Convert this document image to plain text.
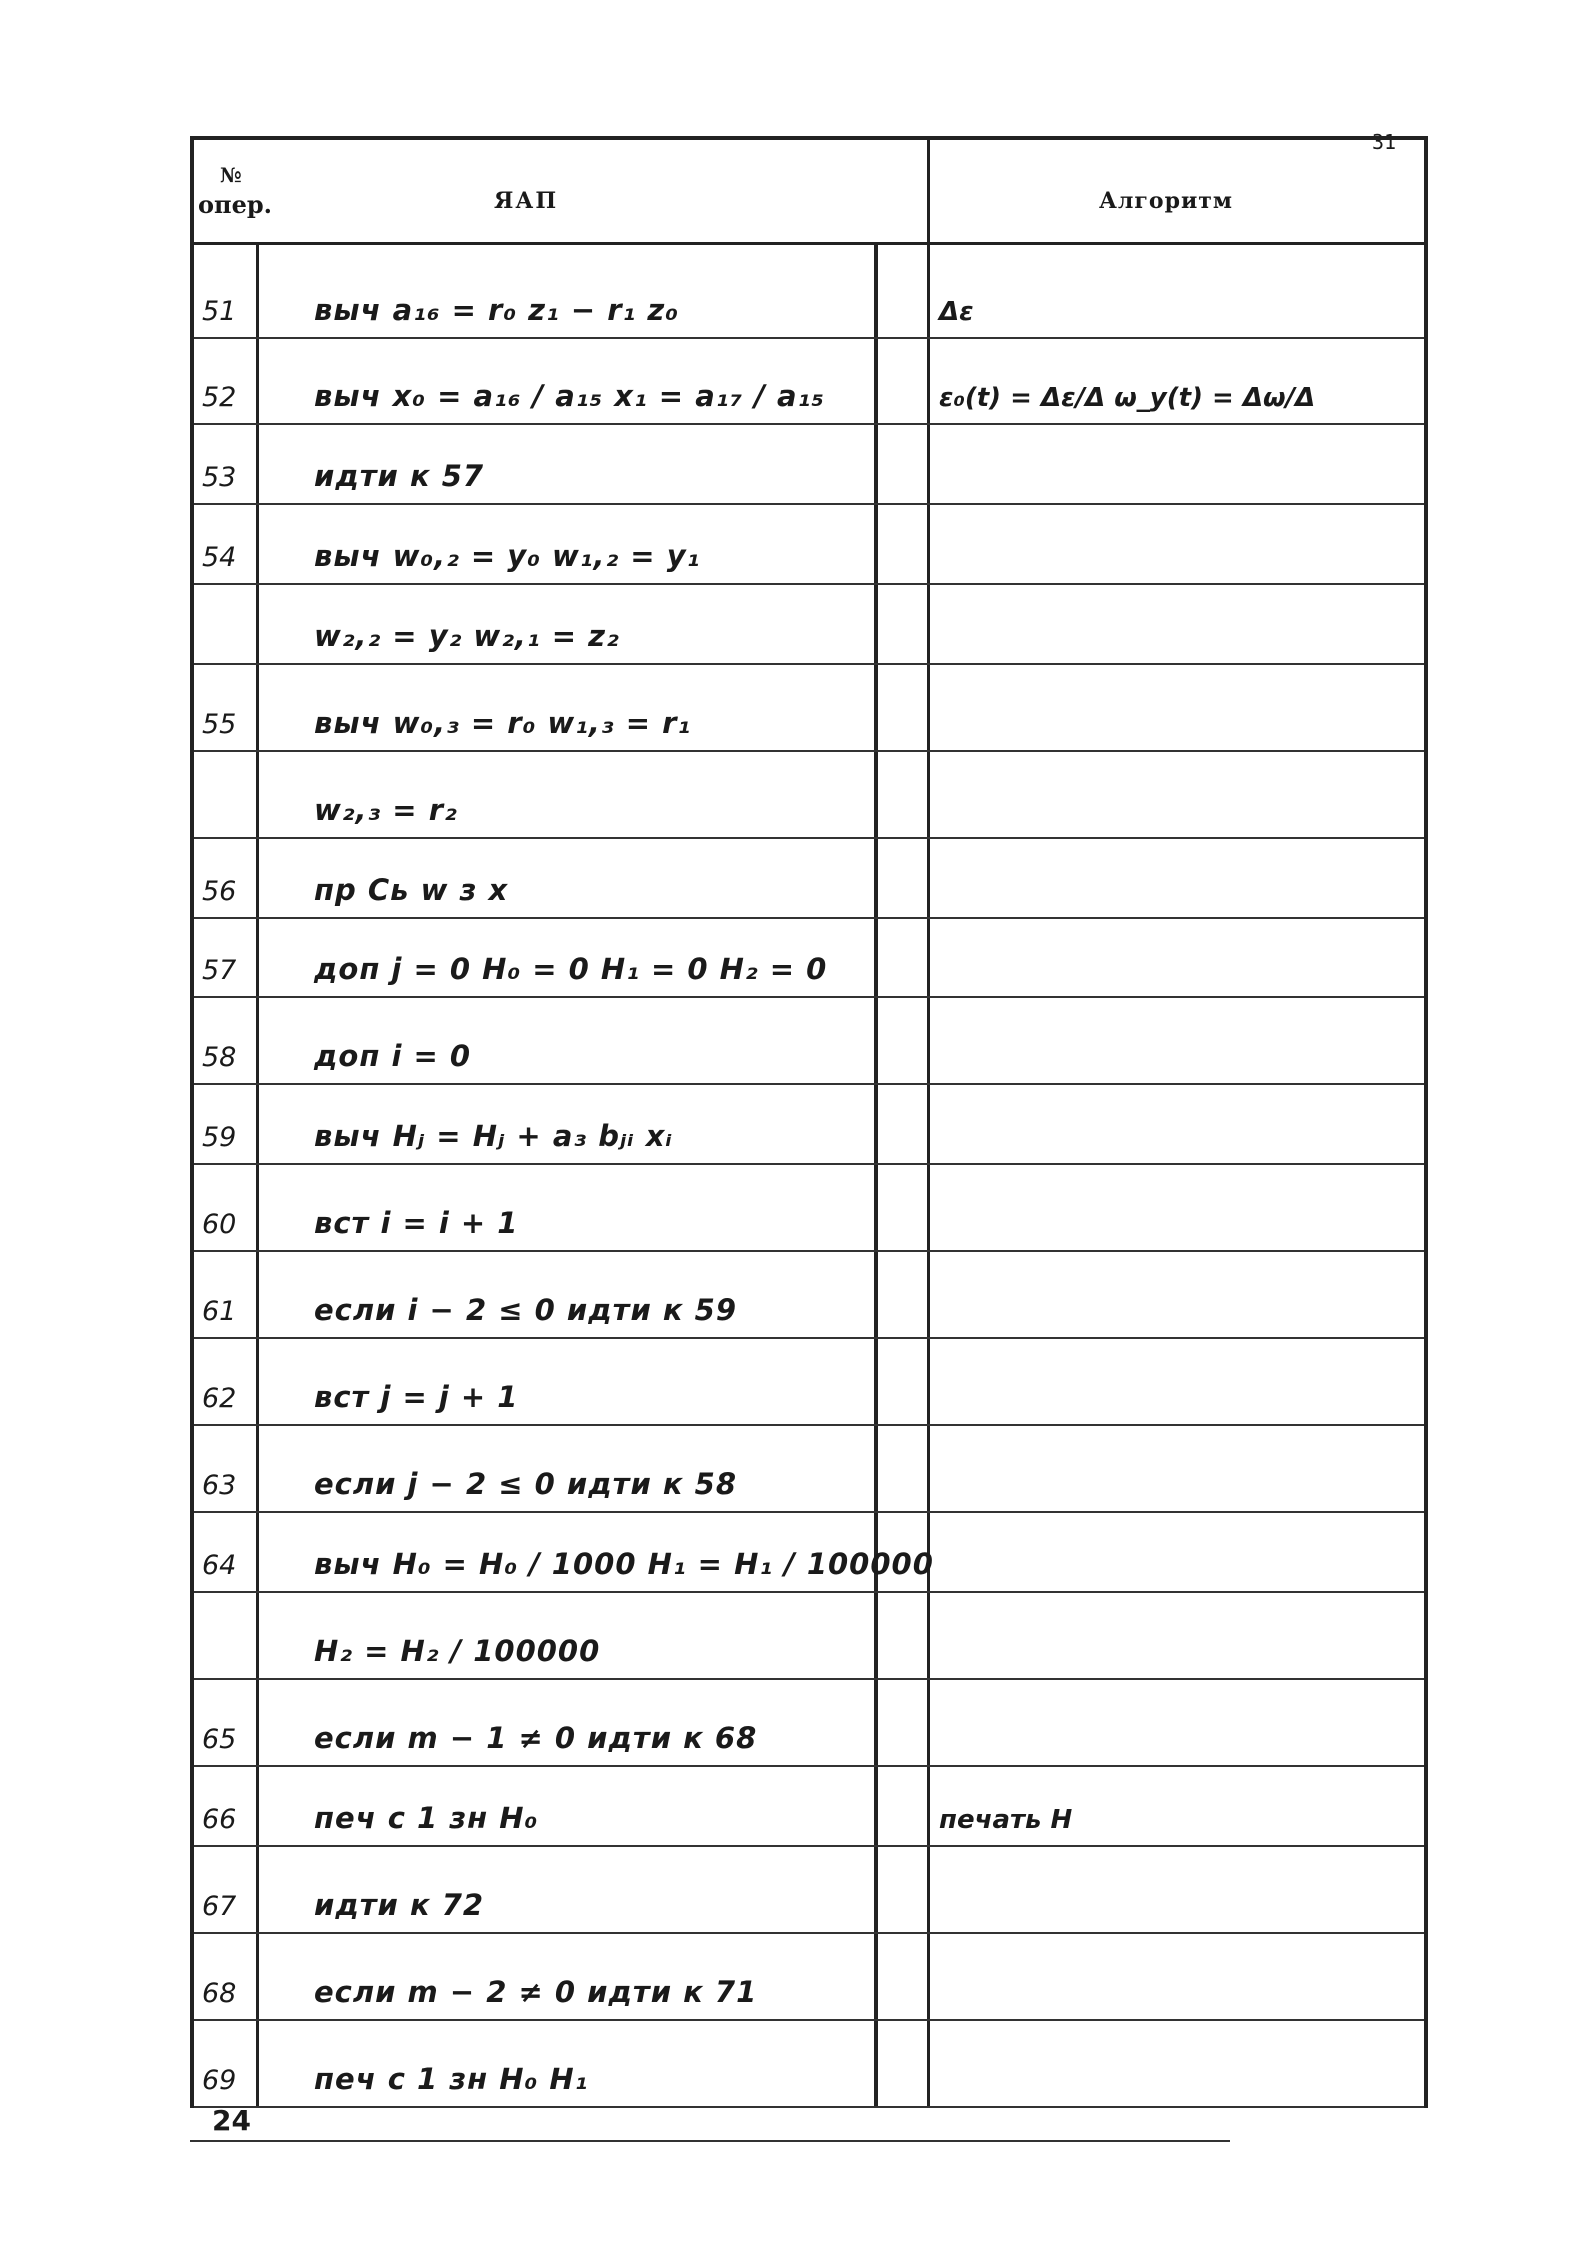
31
№
опер.	ЯАП	Алгоритм
51	выч a₁₆ = r₀ z₁ − r₁ z₀	Δε
52	выч x₀ = a₁₆ / a₁₅ x₁ = a₁₇ / a₁₅	ε₀(t) = Δε/Δ ω_y(t) = Δω/Δ
53	идти к 57
54	выч w₀,₂ = y₀ w₁,₂ = y₁
w₂,₂ = y₂ w₂,₁ = z₂
55	выч w₀,₃ = r₀ w₁,₃ = r₁
w₂,₃ = r₂
56	пр Cь w з x
57	доп j = 0 H₀ = 0 H₁ = 0 H₂ = 0
58	доп i = 0
59	выч Hⱼ = Hⱼ + a₃ bⱼᵢ xᵢ
60	вст i = i + 1
61	если i − 2 ≤ 0 идти к 59
62	вст j = j + 1
63	если j − 2 ≤ 0 идти к 58
64	выч H₀ = H₀ / 1000 H₁ = H₁ / 100000
H₂ = H₂ / 100000
65	если m − 1 ≠ 0 идти к 68
66	печ с 1 зн H₀	печать H
67	идти к 72
68	если m − 2 ≠ 0 идти к 71
69	печ с 1 зн H₀ H₁
24
